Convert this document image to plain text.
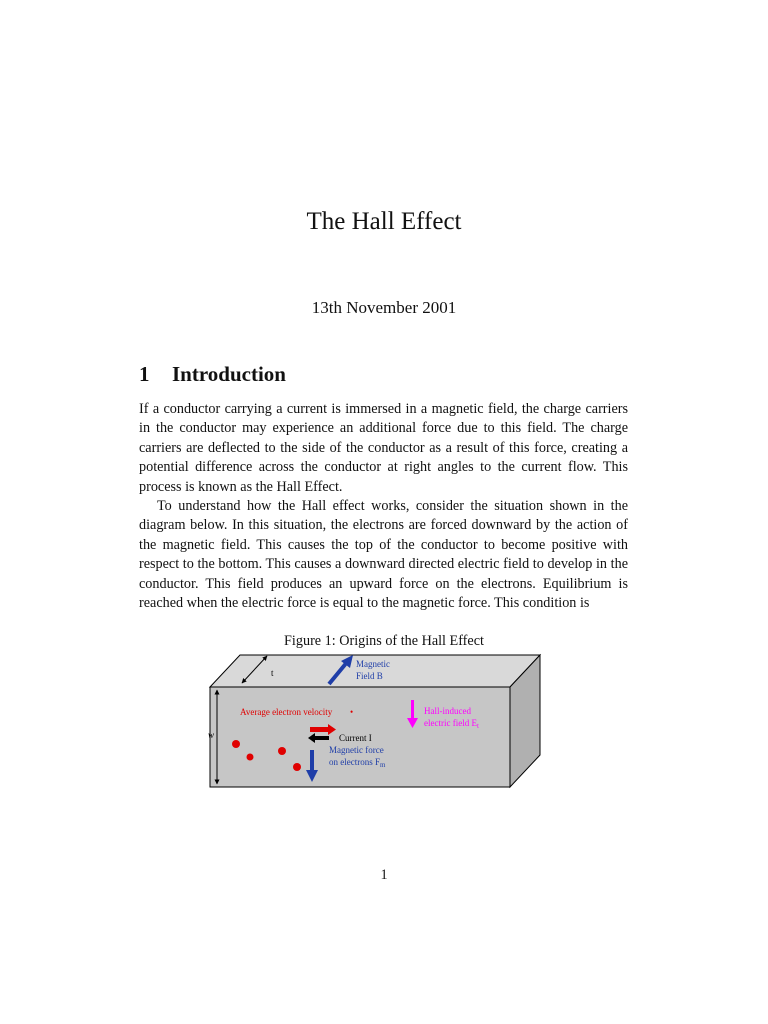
The Hall Effect
13th November 2001
1 Introduction

If a conductor carrying a current is immersed in a magnetic field, the charge carriers in the conductor may experience an additional force due to this field. The charge carriers are deflected to the side of the conductor as a result of this force, creating a potential difference across the conductor at right angles to the current flow. This process is known as the Hall Effect.

To understand how the Hall effect works, consider the situation shown in the diagram below. In this situation, the electrons are forced downward by the action of the magnetic field. This causes the top of the conductor to become positive with respect to the bottom. This causes a downward directed electric field to develop in the conductor. This field produces an upward force on the electrons. Equilibrium is reached when the electric force is equal to the magnetic force. This condition is

Figure 1: Origins of the Hall Effect
t
w
Magnetic
Field B
Average electron velocity •
Current I
Magnetic force
on electrons $F_m$
Hall-induced
electric field $E_t$
1
